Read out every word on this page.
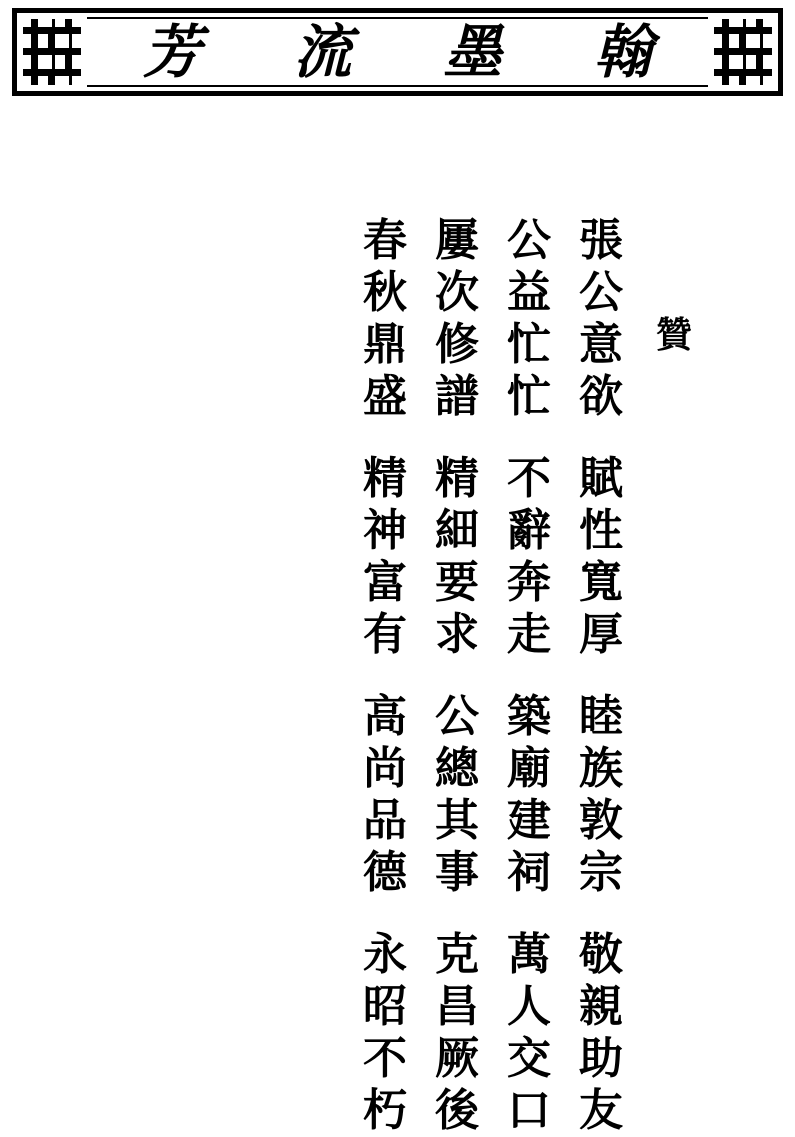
芳 流 墨 翰
贊
張
公
意
欲
賦
性
寬
厚
睦
族
敦
宗
敬
親
助
友
公
益
忙
忙
不
辭
奔
走
築
廟
建
祠
萬
人
交
口
屢
次
修
譜
精
細
要
求
公
總
其
事
克
昌
厥
後
春
秋
鼎
盛
精
神
富
有
高
尚
品
德
永
昭
不
朽
